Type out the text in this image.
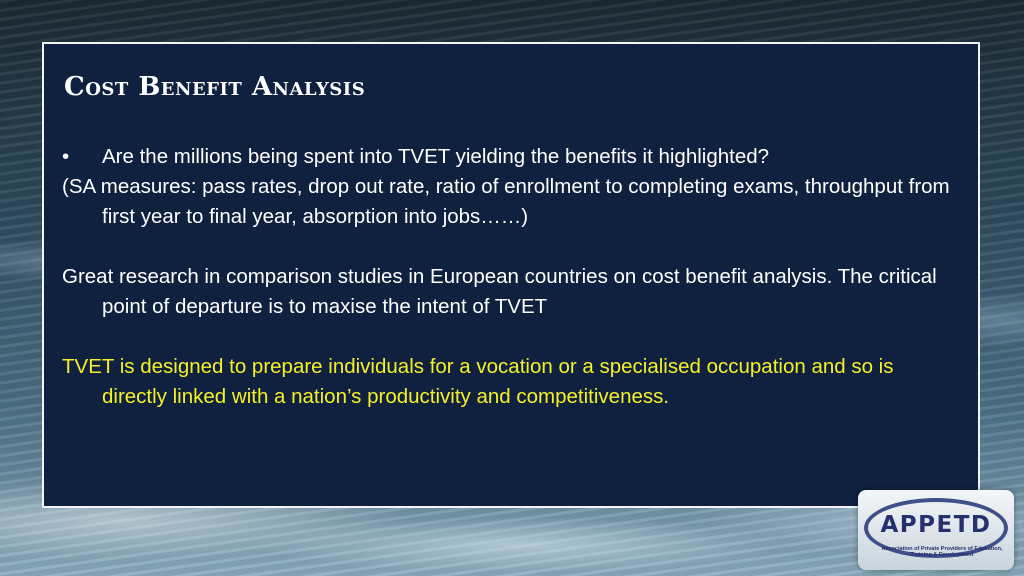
Cost Benefit Analysis

• Are the millions being spent into TVET yielding the benefits it highlighted?

(SA measures: pass rates, drop out rate, ratio of enrollment to completing exams, throughput from first year to final year, absorption into jobs……)

Great research in comparison studies in European countries on cost benefit analysis. The critical point of departure is to maxise the intent of TVET

TVET is designed to prepare individuals for a vocation or a specialised occupation and so is directly linked with a nation’s productivity and competitiveness.

APPETD
Association of Private Providers of Education, Training & Development
